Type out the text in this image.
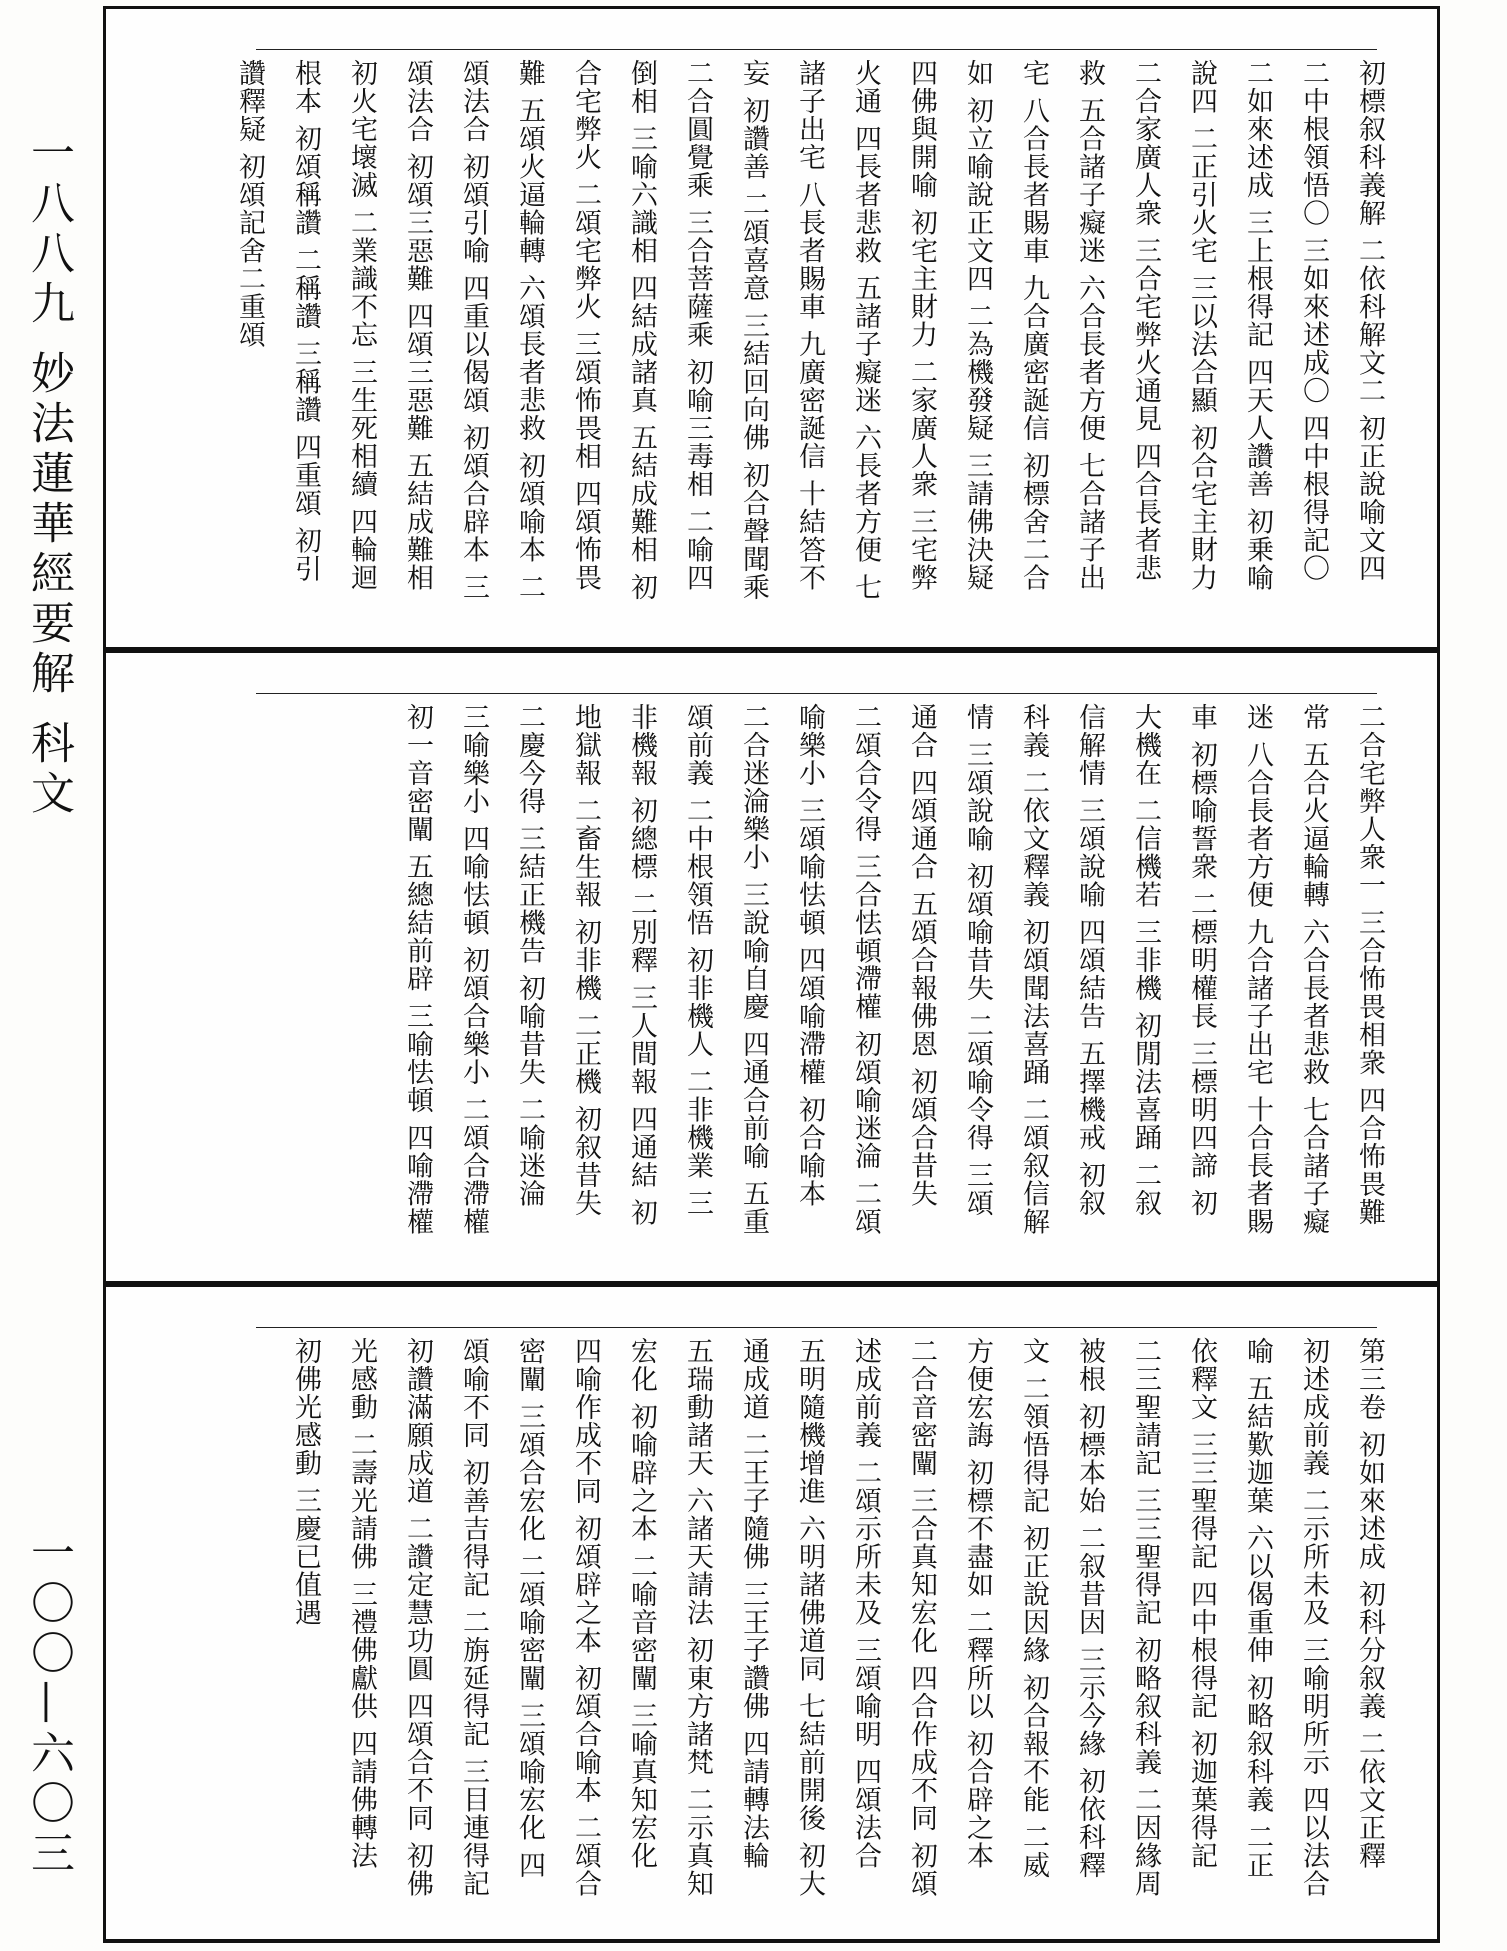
一八八九 妙法蓮華經要解 科文
一〇〇—六〇三
初標叙科義解 二依科解文二 初正說喻文四 二中根領悟〇 三如來述成〇 四中根得記〇 二如來述成 三上根得記 四天人讚善 初乗喻說四 二正引火宅 三以法合顯 初合宅主財力 二合家廣人衆 三合宅弊火通見 四合長者悲救 五合諸子癡迷 六合長者方便 七合諸子出宅 八合長者賜車 九合廣密誕信 初標舍二合如 初立喻說正文四 二為機發疑 三請佛決疑 四佛與開喻 初宅主財力 二家廣人衆 三宅弊火通 四長者悲救 五諸子癡迷 六長者方便 七諸子出宅 八長者賜車 九廣密誕信 十結答不妄 初讚善 二頌喜意 三結回向佛 初合聲聞乘 二合圓覺乘 三合菩薩乘 初喻三毒相 二喻四倒相 三喻六識相 四結成諸真 五結成難相 初合宅弊火 二頌宅弊火 三頌怖畏相 四頌怖畏難 五頌火逼輪轉 六頌長者悲救 初頌喻本 二頌法合 初頌引喻 四重以偈頌 初頌合辟本 三頌法合 初頌三惡難 四頌三惡難 五結成難相 初火宅壞滅 二業識不忘 三生死相續 四輪迴根本 初頌稱讚 二稱讚 三稱讚 四重頌 初引讚釋疑 初頌記舍二重頌
二合宅弊人衆一 三合怖畏相衆 四合怖畏難常 五合火逼輪轉 六合長者悲救 七合諸子癡迷 八合長者方便 九合諸子出宅 十合長者賜車 初標喻誓衆 二標明權長 三標明四諦 初大機在 二信機若 三非機 初閒法喜踊 二叙信解情 三頌說喻 四頌結告 五擇機戒 初叙科義 二依文釋義 初頌聞法喜踊 二頌叙信解情 三頌說喻 初頌喻昔失 二頌喻令得 三頌通合 四頌通合 五頌合報佛恩 初頌合昔失 二頌合令得 三合怯頓滯權 初頌喻迷淪 二頌喻樂小 三頌喻怯頓 四頌喻滯權 初合喻本 二合迷淪樂小 三說喻自慶 四通合前喻 五重頌前義 二中根領悟 初非機人 二非機業 三非機報 初總標 二別釋 三人間報 四通結 初地獄報 二畜生報 初非機 二正機 初叙昔失 二慶今得 三結正機告 初喻昔失 二喻迷淪 三喻樂小 四喻怯頓 初頌合樂小 二頌合滯權 初一音密闡 五總結前辟 三喻怯頓 四喻滯權
第三卷 初如來述成 初科分叙義 二依文正釋 初述成前義 二示所未及 三喻明所示 四以法合喻 五結歎迦葉 六以偈重伸 初略叙科義 二正依釋文 三三聖得記 四中根得記 初迦葉得記 二三聖請記 三三聖得記 初略叙科義 二因緣周被根 初標本始 二叙昔因 三示今緣 初依科釋文 二領悟得記 初正說因緣 初合報不能 二威方便宏誨 初標不盡如 二釋所以 初合辟之本 二合音密闡 三合真知宏化 四合作成不同 初頌述成前義 二頌示所未及 三頌喻明 四頌法合 五明隨機增進 六明諸佛道同 七結前開後 初大通成道 二王子隨佛 三王子讚佛 四請轉法輪 五瑞動諸天 六諸天請法 初東方諸梵 二示真知宏化 初喻辟之本 二喻音密闡 三喻真知宏化 四喻作成不同 初頌辟之本 初頌合喻本 二頌合密闡 三頌合宏化 二頌喻密闡 三頌喻宏化 四頌喻不同 初善吉得記 二旃延得記 三目連得記 初讚滿願成道 二讚定慧功圓 四頌合不同 初佛光感動 二壽光請佛 三禮佛獻供 四請佛轉法 初佛光感動 三慶已值遇
